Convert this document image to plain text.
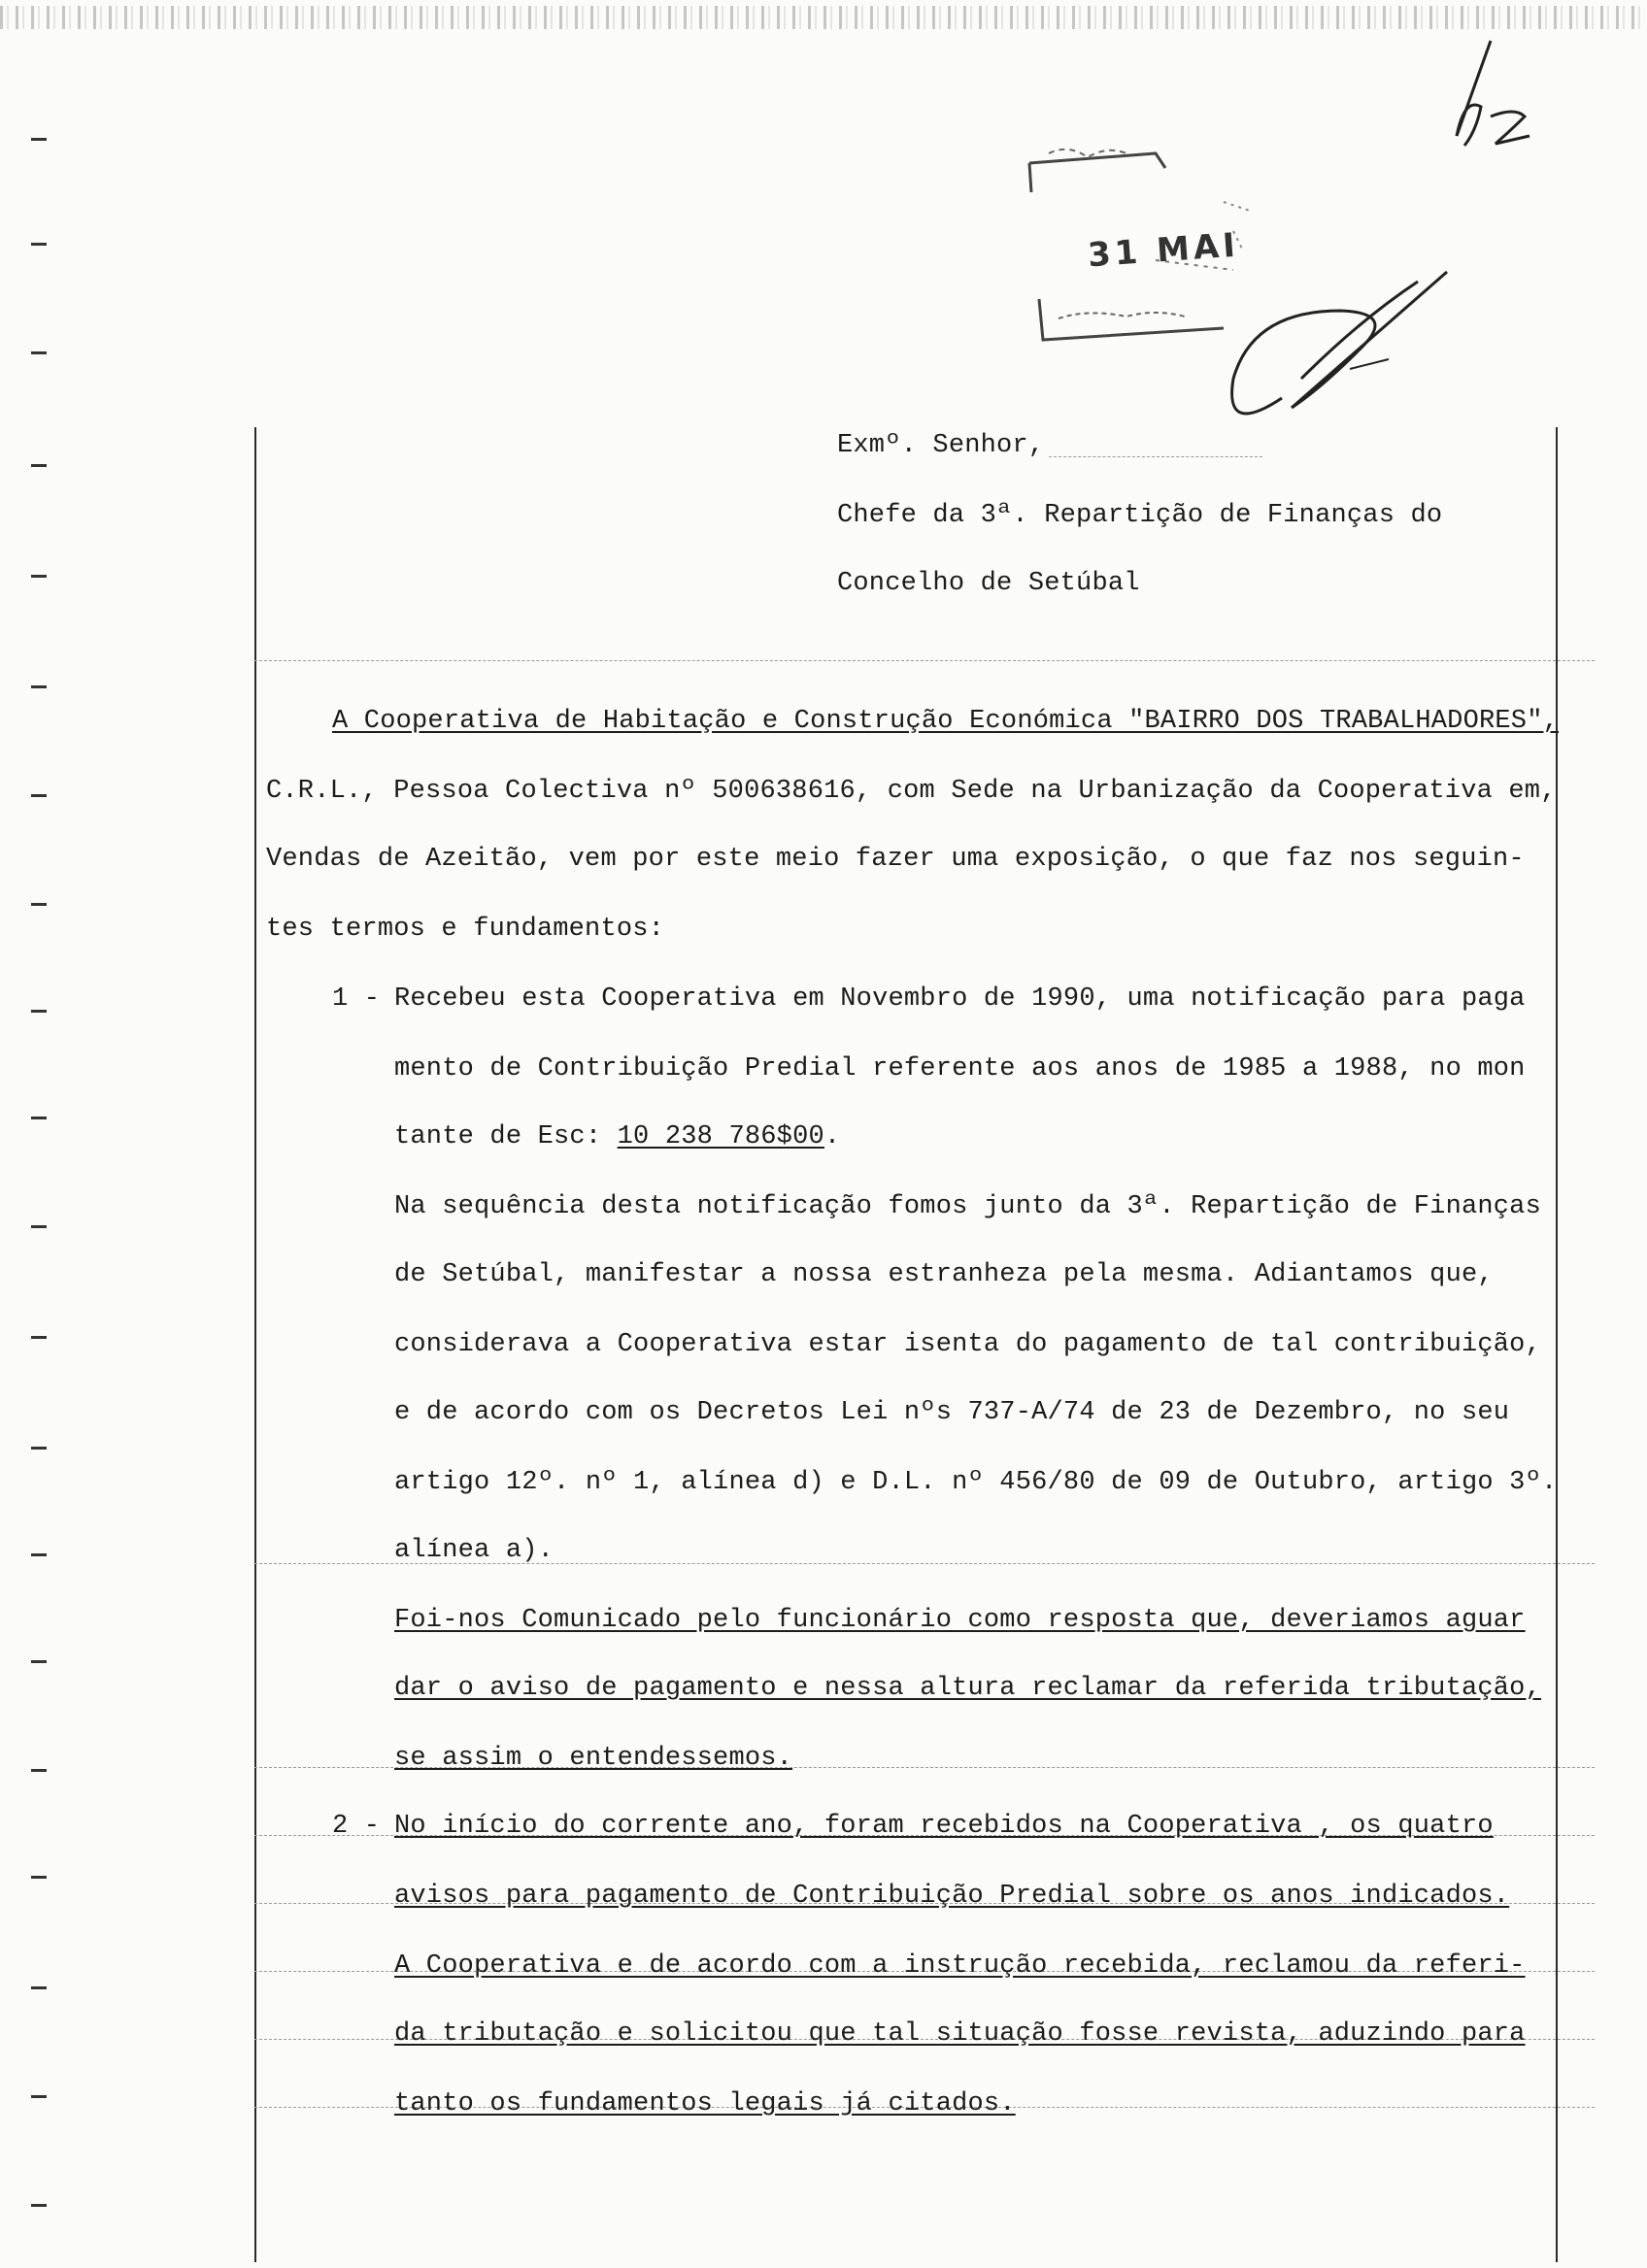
31 MAI
Exmº. Senhor,
Chefe da 3ª. Repartição de Finanças do
Concelho de Setúbal
A Cooperativa de Habitação e Construção Económica "BAIRRO DOS TRABALHADORES",
C.R.L., Pessoa Colectiva nº 500638616, com Sede na Urbanização da Cooperativa em,
Vendas de Azeitão, vem por este meio fazer uma exposição, o que faz nos seguin-
tes termos e fundamentos:
1 - Recebeu esta Cooperativa em Novembro de 1990, uma notificação para paga
mento de Contribuição Predial referente aos anos de 1985 a 1988, no mon
tante de Esc: 10 238 786$00.
Na sequência desta notificação fomos junto da 3ª. Repartição de Finanças
de Setúbal, manifestar a nossa estranheza pela mesma. Adiantamos que,
considerava a Cooperativa estar isenta do pagamento de tal contribuição,
e de acordo com os Decretos Lei nºs 737-A/74 de 23 de Dezembro, no seu
artigo 12º. nº 1, alínea d) e D.L. nº 456/80 de 09 de Outubro, artigo 3º.
alínea a).
Foi-nos Comunicado pelo funcionário como resposta que, deveriamos aguar
dar o aviso de pagamento e nessa altura reclamar da referida tributação,
se assim o entendessemos.
2 - No início do corrente ano, foram recebidos na Cooperativa , os quatro
avisos para pagamento de Contribuição Predial sobre os anos indicados.
A Cooperativa e de acordo com a instrução recebida, reclamou da referi-
da tributação e solicitou que tal situação fosse revista, aduzindo para
tanto os fundamentos legais já citados.
